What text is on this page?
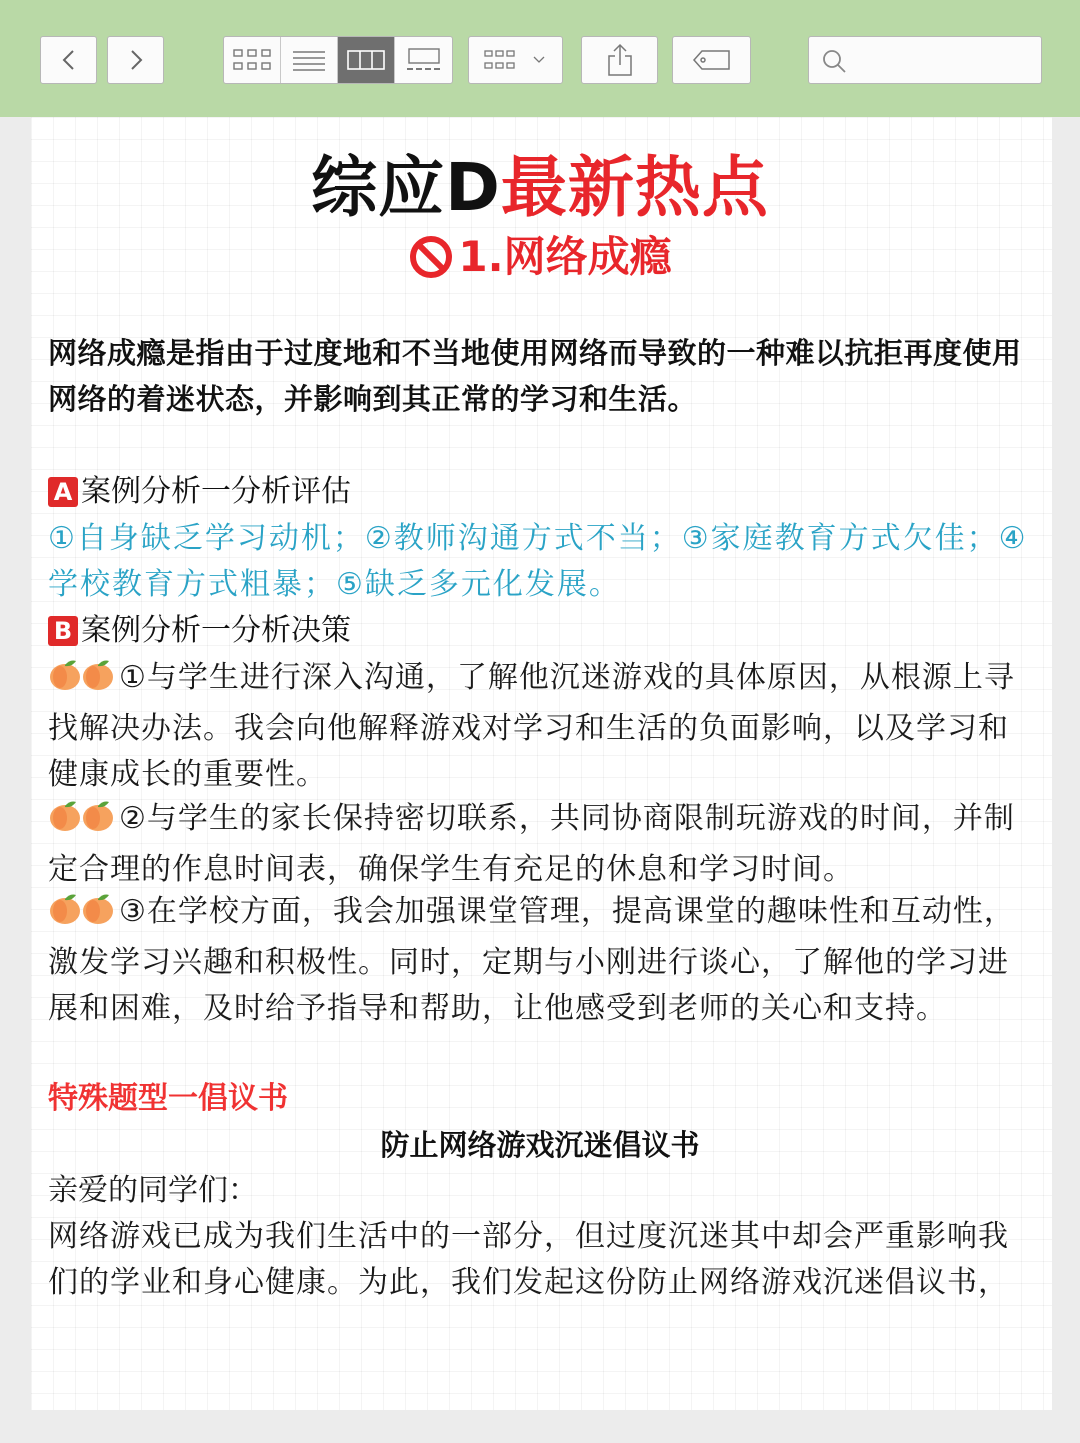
综应D最新热点
1.网络成瘾
网络成瘾是指由于过度地和不当地使用网络而导致的一种难以抗拒再度使用网络的着迷状态，并影响到其正常的学习和生活。
A 案例分析一分析评估
①自身缺乏学习动机；②教师沟通方式不当；③家庭教育方式欠佳；④学校教育方式粗暴；⑤缺乏多元化发展。
B 案例分析一分析决策
①与学生进行深入沟通，了解他沉迷游戏的具体原因，从根源上寻找解决办法。我会向他解释游戏对学习和生活的负面影响，以及学习和健康成长的重要性。
②与学生的家长保持密切联系，共同协商限制玩游戏的时间，并制定合理的作息时间表，确保学生有充足的休息和学习时间。
③在学校方面，我会加强课堂管理，提高课堂的趣味性和互动性，激发学习兴趣和积极性。同时，定期与小刚进行谈心，了解他的学习进展和困难，及时给予指导和帮助，让他感受到老师的关心和支持。
特殊题型一倡议书
防止网络游戏沉迷倡议书
亲爱的同学们：
网络游戏已成为我们生活中的一部分，但过度沉迷其中却会严重影响我们的学业和身心健康。为此，我们发起这份防止网络游戏沉迷倡议书，
